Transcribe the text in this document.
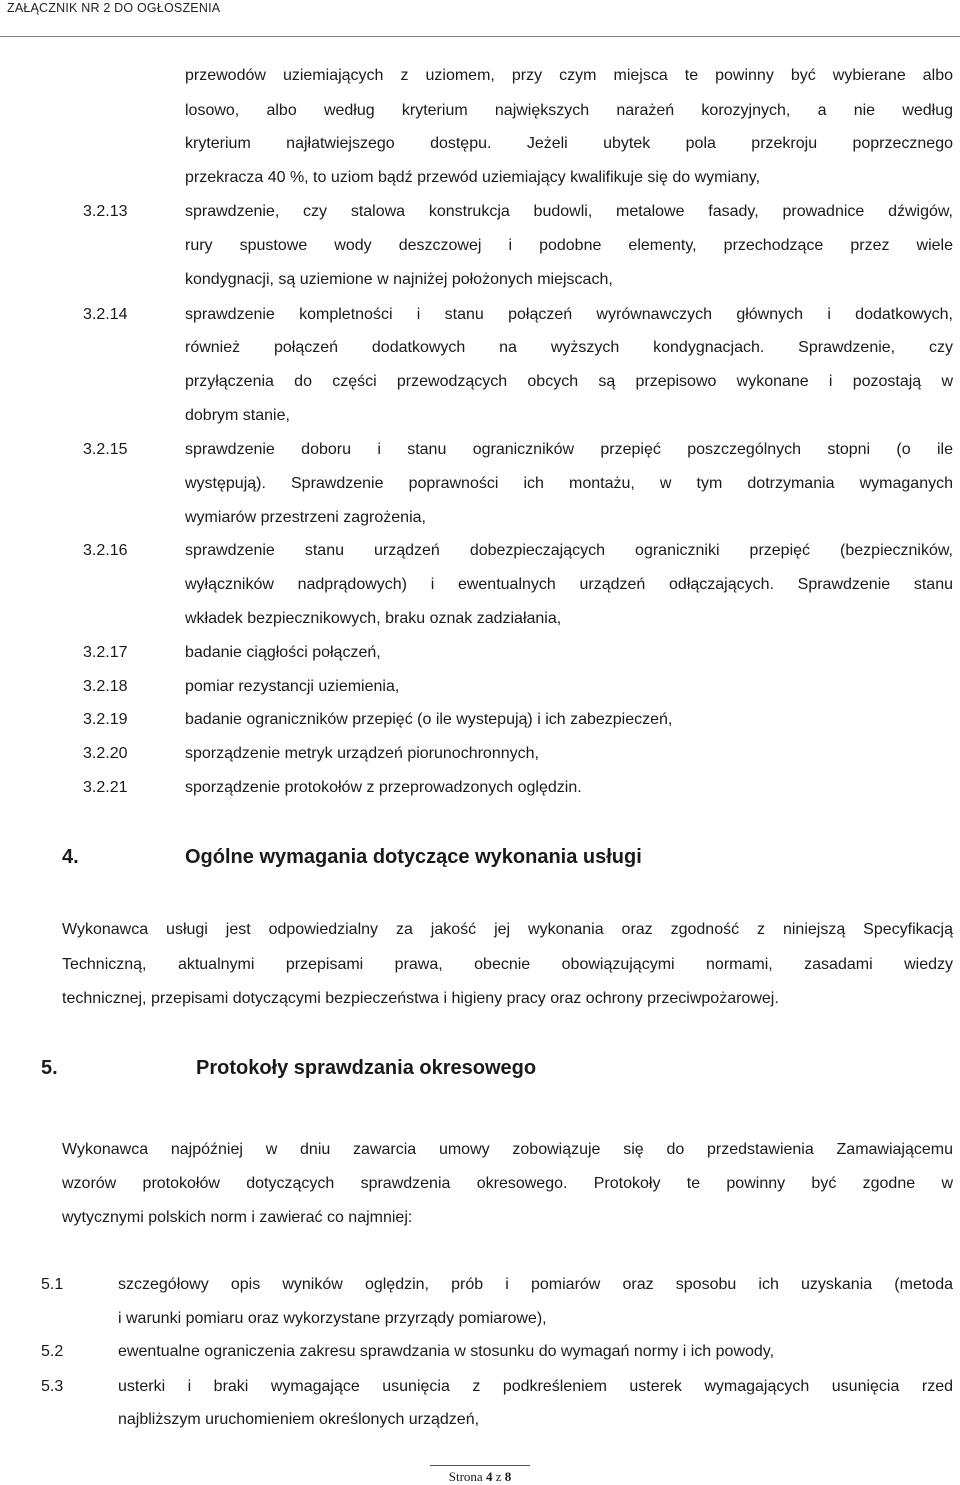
ZAŁĄCZNIK NR 2 DO OGŁOSZENIA
przewodów uziemiających z uziomem, przy czym miejsca te powinny być wybierane albo
losowo, albo według kryterium największych narażeń korozyjnych, a nie według
kryterium najłatwiejszego dostępu. Jeżeli ubytek pola przekroju poprzecznego
przekracza 40 %, to uziom bądź przewód uziemiający kwalifikuje się do wymiany,
3.2.13	sprawdzenie, czy stalowa konstrukcja budowli, metalowe fasady, prowadnice dźwigów,
rury spustowe wody deszczowej i podobne elementy, przechodzące przez wiele
kondygnacji, są uziemione w najniżej położonych miejscach,
3.2.14	sprawdzenie kompletności i stanu połączeń wyrównawczych głównych i dodatkowych,
również połączeń dodatkowych na wyższych kondygnacjach. Sprawdzenie, czy
przyłączenia do części przewodzących obcych są przepisowo wykonane i pozostają w
dobrym stanie,
3.2.15	sprawdzenie doboru i stanu ograniczników przepięć poszczególnych stopni (o ile
występują). Sprawdzenie poprawności ich montażu, w tym dotrzymania wymaganych
wymiarów przestrzeni zagrożenia,
3.2.16	sprawdzenie stanu urządzeń dobezpieczających ograniczniki przepięć (bezpieczników,
wyłączników nadprądowych) i ewentualnych urządzeń odłączających. Sprawdzenie stanu
wkładek bezpiecznikowych, braku oznak zadziałania,
3.2.17	badanie ciągłości połączeń,
3.2.18	pomiar rezystancji uziemienia,
3.2.19	badanie ograniczników przepięć (o ile wystepują) i ich zabezpieczeń,
3.2.20	sporządzenie metryk urządzeń piorunochronnych,
3.2.21	sporządzenie protokołów z przeprowadzonych oględzin.
4.	Ogólne wymagania dotyczące wykonania usługi
Wykonawca usługi jest odpowiedzialny za jakość jej wykonania oraz zgodność z niniejszą Specyfikacją
Techniczną, aktualnymi przepisami prawa, obecnie obowiązującymi normami, zasadami wiedzy
technicznej, przepisami dotyczącymi bezpieczeństwa i higieny pracy oraz ochrony przeciwpożarowej.
5.	Protokoły sprawdzania okresowego
Wykonawca najpóźniej w dniu zawarcia umowy zobowiązuje się do przedstawienia Zamawiającemu
wzorów protokołów dotyczących sprawdzenia okresowego. Protokoły te powinny być zgodne w
wytycznymi polskich norm i zawierać co najmniej:
5.1	szczegółowy opis wyników oględzin, prób i pomiarów oraz sposobu ich uzyskania (metoda
i warunki pomiaru oraz wykorzystane przyrządy pomiarowe),
5.2	ewentualne ograniczenia zakresu sprawdzania w stosunku do wymagań normy i ich powody,
5.3	usterki i braki wymagające usunięcia z podkreśleniem usterek wymagających usunięcia rzed
najbliższym uruchomieniem określonych urządzeń,
Strona 4 z 8
